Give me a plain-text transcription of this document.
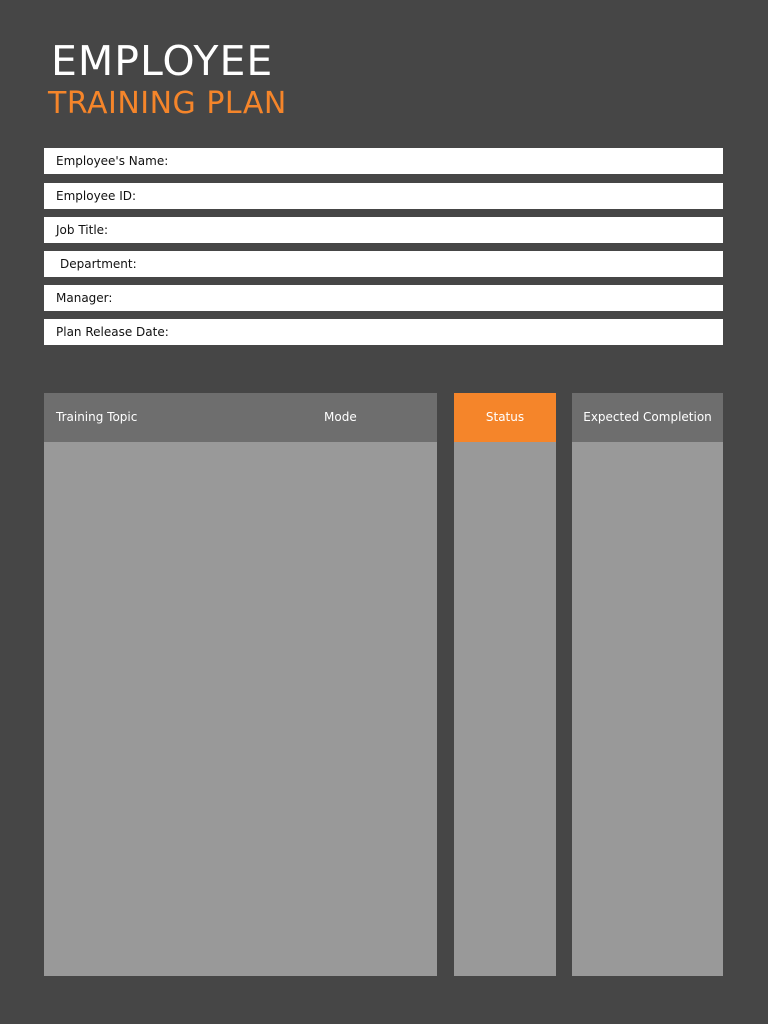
EMPLOYEE
TRAINING PLAN
Employee's Name:
Employee ID:
Job Title:
Department:
Manager:
Plan Release Date:
Training Topic	Mode	Status	Expected Completion
